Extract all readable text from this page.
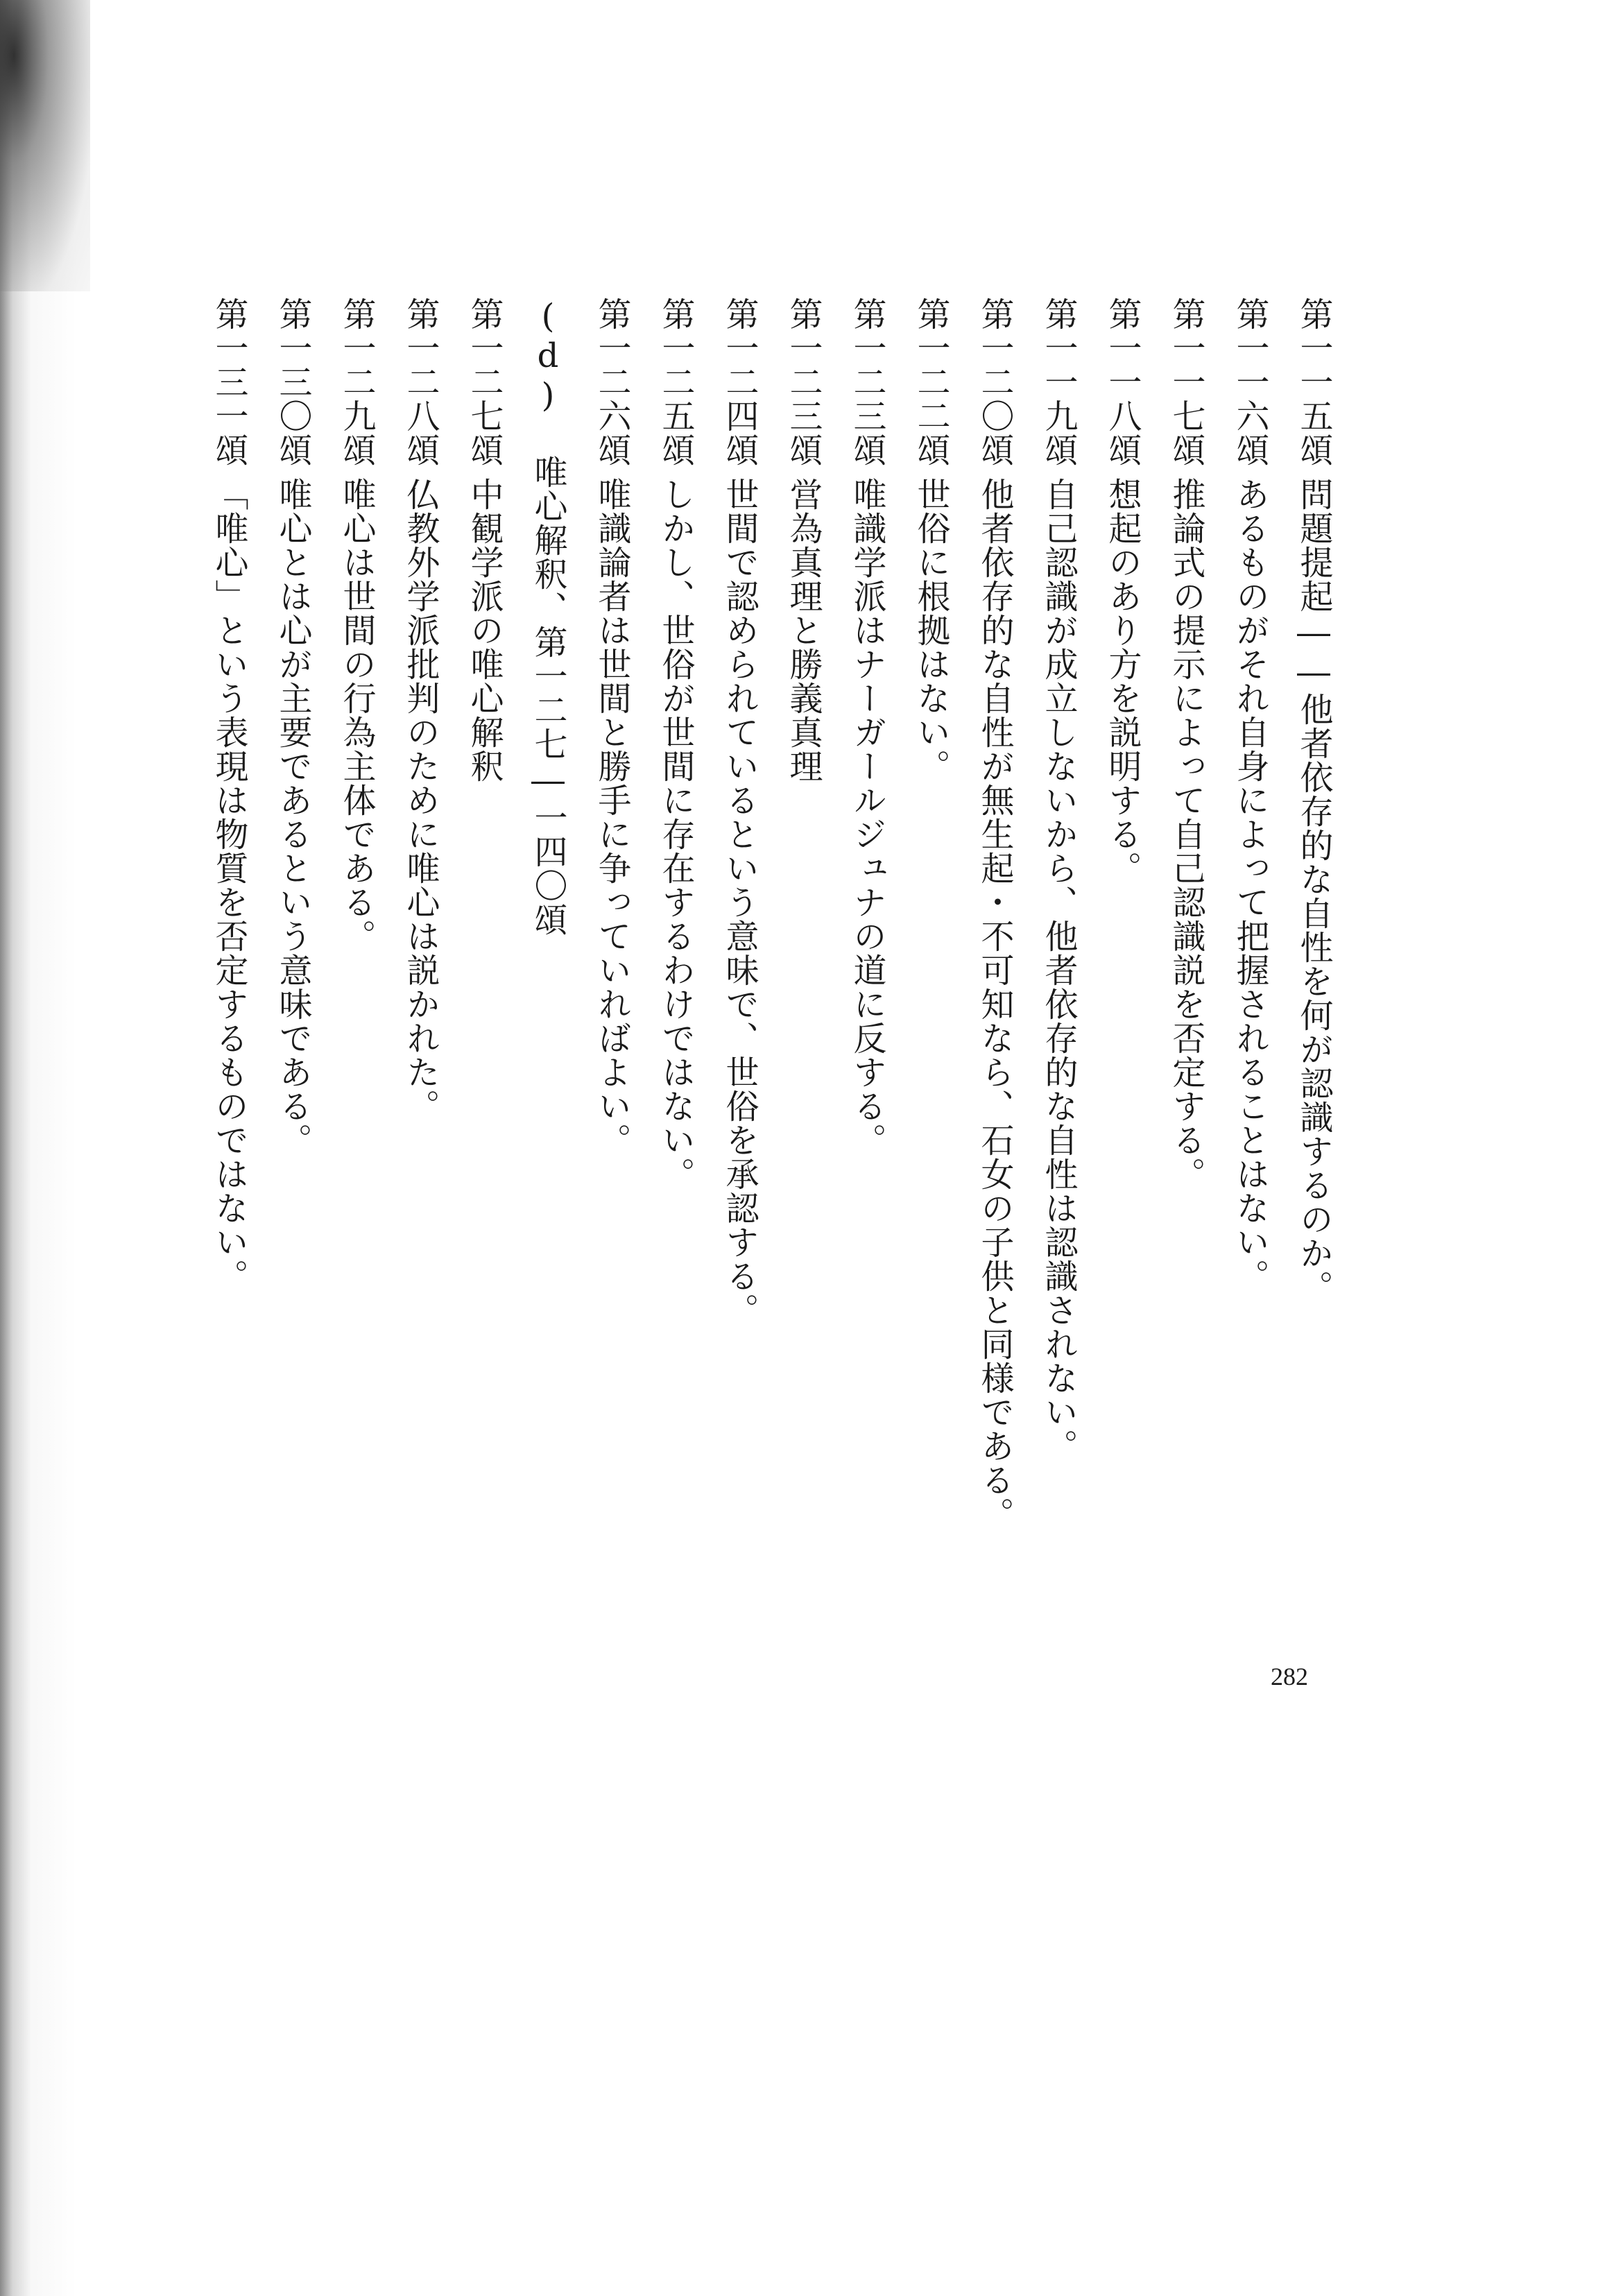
第一一五頌問題提起――他者依存的な自性を何が認識するのか。
第一一六頌あるものがそれ自身によって把握されることはない。
第一一七頌推論式の提示によって自己認識説を否定する。
第一一八頌想起のあり方を説明する。
第一一九頌自己認識が成立しないから、他者依存的な自性は認識されない。
第一二〇頌他者依存的な自性が無生起・不可知なら、石女の子供と同様である。
第一二二頌世俗に根拠はない。
第一二三頌唯識学派はナーガールジュナの道に反する。
第一二三頌営為真理と勝義真理
第一二四頌世間で認められているという意味で、世俗を承認する。
第一二五頌しかし、世俗が世間に存在するわけではない。
第一二六頌唯識論者は世間と勝手に争っていればよい。
(d) 唯心解釈、第一二七―一四〇頌
第一二七頌中観学派の唯心解釈
第一二八頌仏教外学派批判のために唯心は説かれた。
第一二九頌唯心は世間の行為主体である。
第一三〇頌唯心とは心が主要であるという意味である。
第一三一頌「唯心」という表現は物質を否定するものではない。
282
